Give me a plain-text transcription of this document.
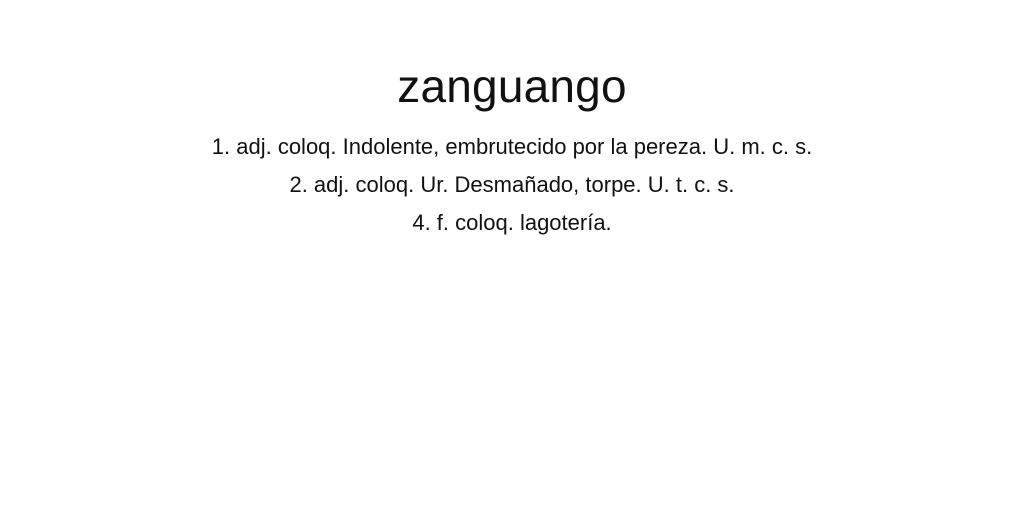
zanguango
1. adj. coloq. Indolente, embrutecido por la pereza. U. m. c. s.
2. adj. coloq. Ur. Desmañado, torpe. U. t. c. s.
4. f. coloq. lagotería.
